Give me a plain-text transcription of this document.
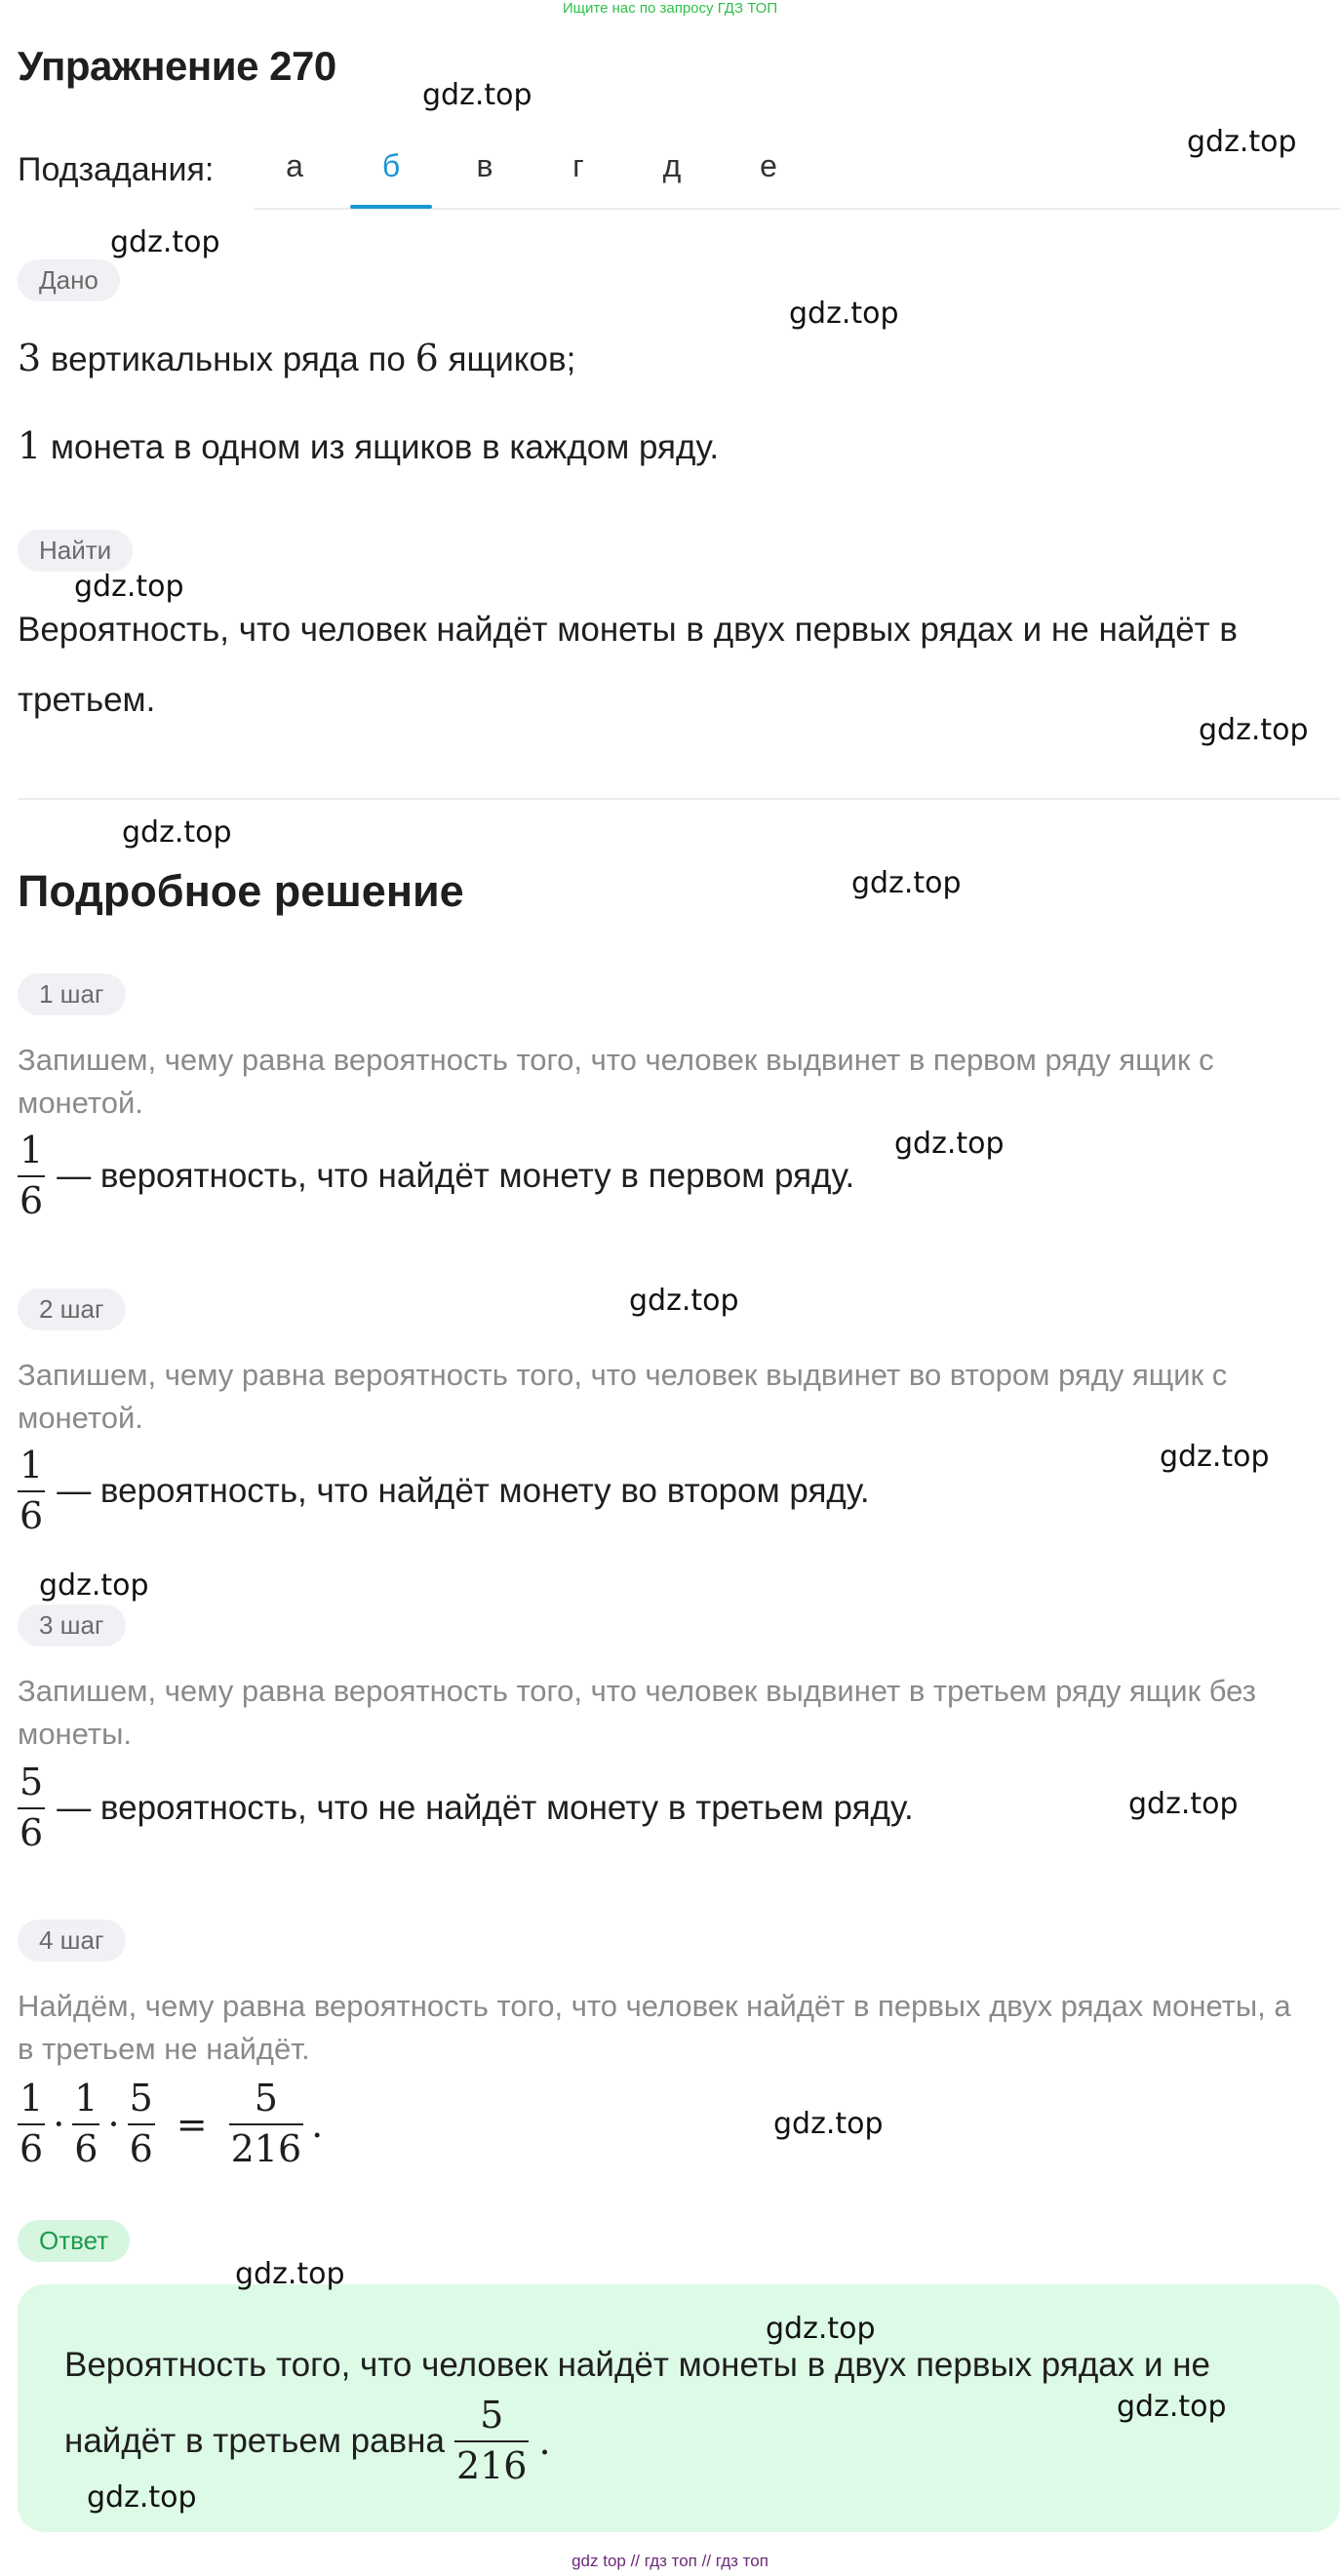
Ищите нас по запросу ГДЗ ТОП
Упражнение 270
Подзадания:	а	б	в	г	д	е
Дано
3 вертикальных ряда по 6 ящиков;
1 монета в одном из ящиков в каждом ряду.
Найти
Вероятность, что человек найдёт монеты в двух первых рядах и не найдёт в
третьем.
Подробное решение
1 шаг
Запишем, чему равна вероятность того, что человек выдвинет в первом ряду ящик с
монетой.
$\frac{1}{6}$ — вероятность, что найдёт монету в первом ряду.
2 шаг
Запишем, чему равна вероятность того, что человек выдвинет во втором ряду ящик с
монетой.
$\frac{1}{6}$ — вероятность, что найдёт монету во втором ряду.
3 шаг
Запишем, чему равна вероятность того, что человек выдвинет в третьем ряду ящик без
монеты.
$\frac{5}{6}$ — вероятность, что не найдёт монету в третьем ряду.
4 шаг
Найдём, чему равна вероятность того, что человек найдёт в первых двух рядах монеты, а
в третьем не найдёт.
$\frac{1}{6} \cdot \frac{1}{6} \cdot \frac{5}{6} = \frac{5}{216}$ .
Ответ
Вероятность того, что человек найдёт монеты в двух первых рядах и не
найдёт в третьем равна $\frac{5}{216}$ .
gdz.top
gdz.top
gdz.top
gdz.top
gdz.top
gdz.top
gdz.top
gdz.top
gdz.top
gdz.top
gdz.top
gdz.top
gdz.top
gdz.top
gdz.top
gdz.top
gdz.top
gdz.top
gdz top // гдз топ // гдз топ
